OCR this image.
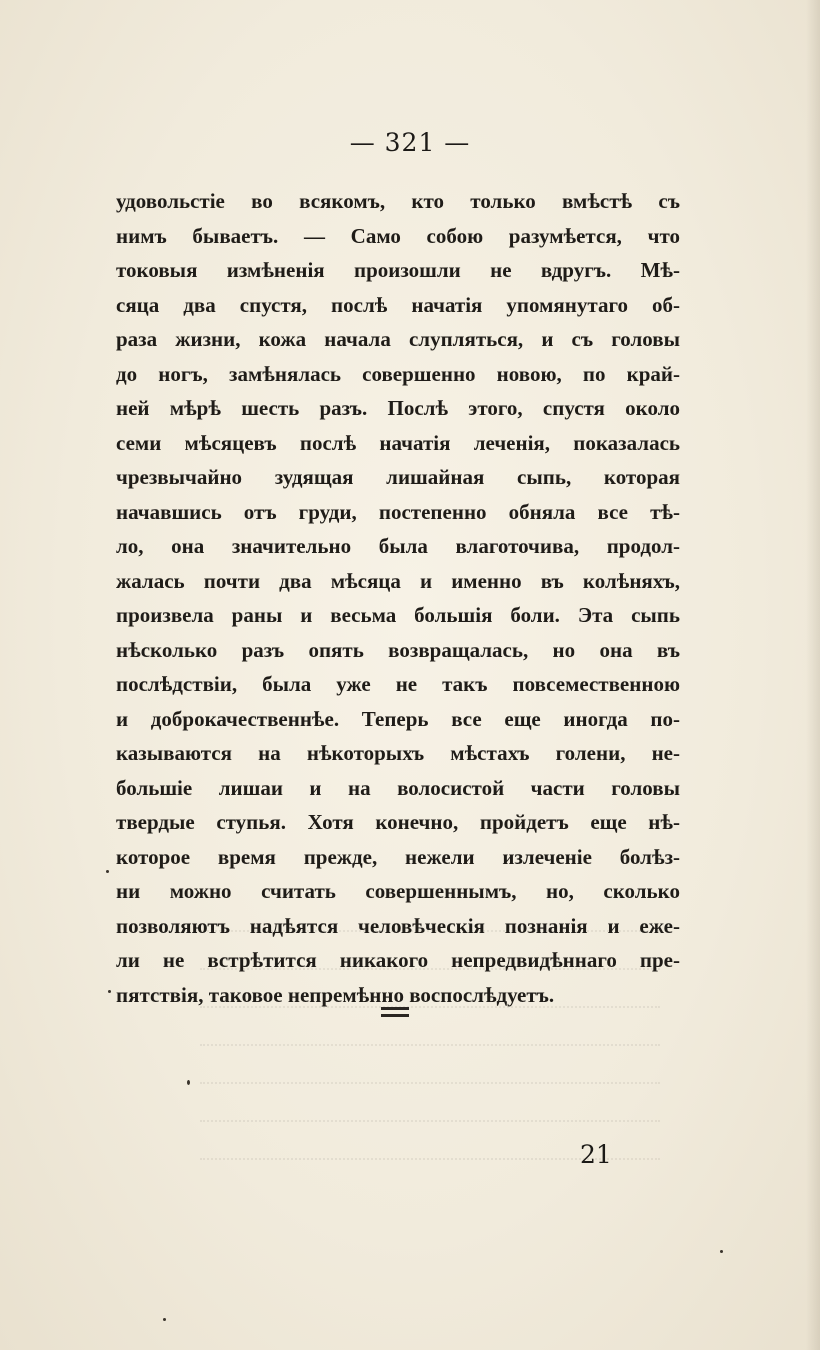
— 321 —
удовольстіе во всякомъ, кто только вмѣстѣ съ
нимъ бываетъ. — Само собою разумѣется, что
токовыя измѣненія произошли не вдругъ. Мѣ-
сяца два спустя, послѣ начатія упомянутаго об-
раза жизни, кожа начала слупляться, и съ головы
до ногъ, замѣнялась совершенно новою, по край-
ней мѣрѣ шесть разъ. Послѣ этого, спустя около
семи мѣсяцевъ послѣ начатія леченія, показалась
чрезвычайно зудящая лишайная сыпь, которая
начавшись отъ груди, постепенно обняла все тѣ-
ло, она значительно была влаготочива, продол-
жалась почти два мѣсяца и именно въ колѣняхъ,
произвела раны и весьма большія боли. Эта сыпь
нѣсколько разъ опять возвращалась, но она въ
послѣдствіи, была уже не такъ повсемественною
и доброкачественнѣе. Теперь все еще иногда по-
казываются на нѣкоторыхъ мѣстахъ голени, не-
большіе лишаи и на волосистой части головы
твердые ступья. Хотя конечно, пройдетъ еще нѣ-
которое время прежде, нежели излеченіе болѣз-
ни можно считать совершеннымъ, но, сколько
позволяютъ надѣятся человѣческія познанія и еже-
ли не встрѣтится никакого непредвидѣннаго пре-
пятствія, таковое непремѣнно воспослѣдуетъ.
21
